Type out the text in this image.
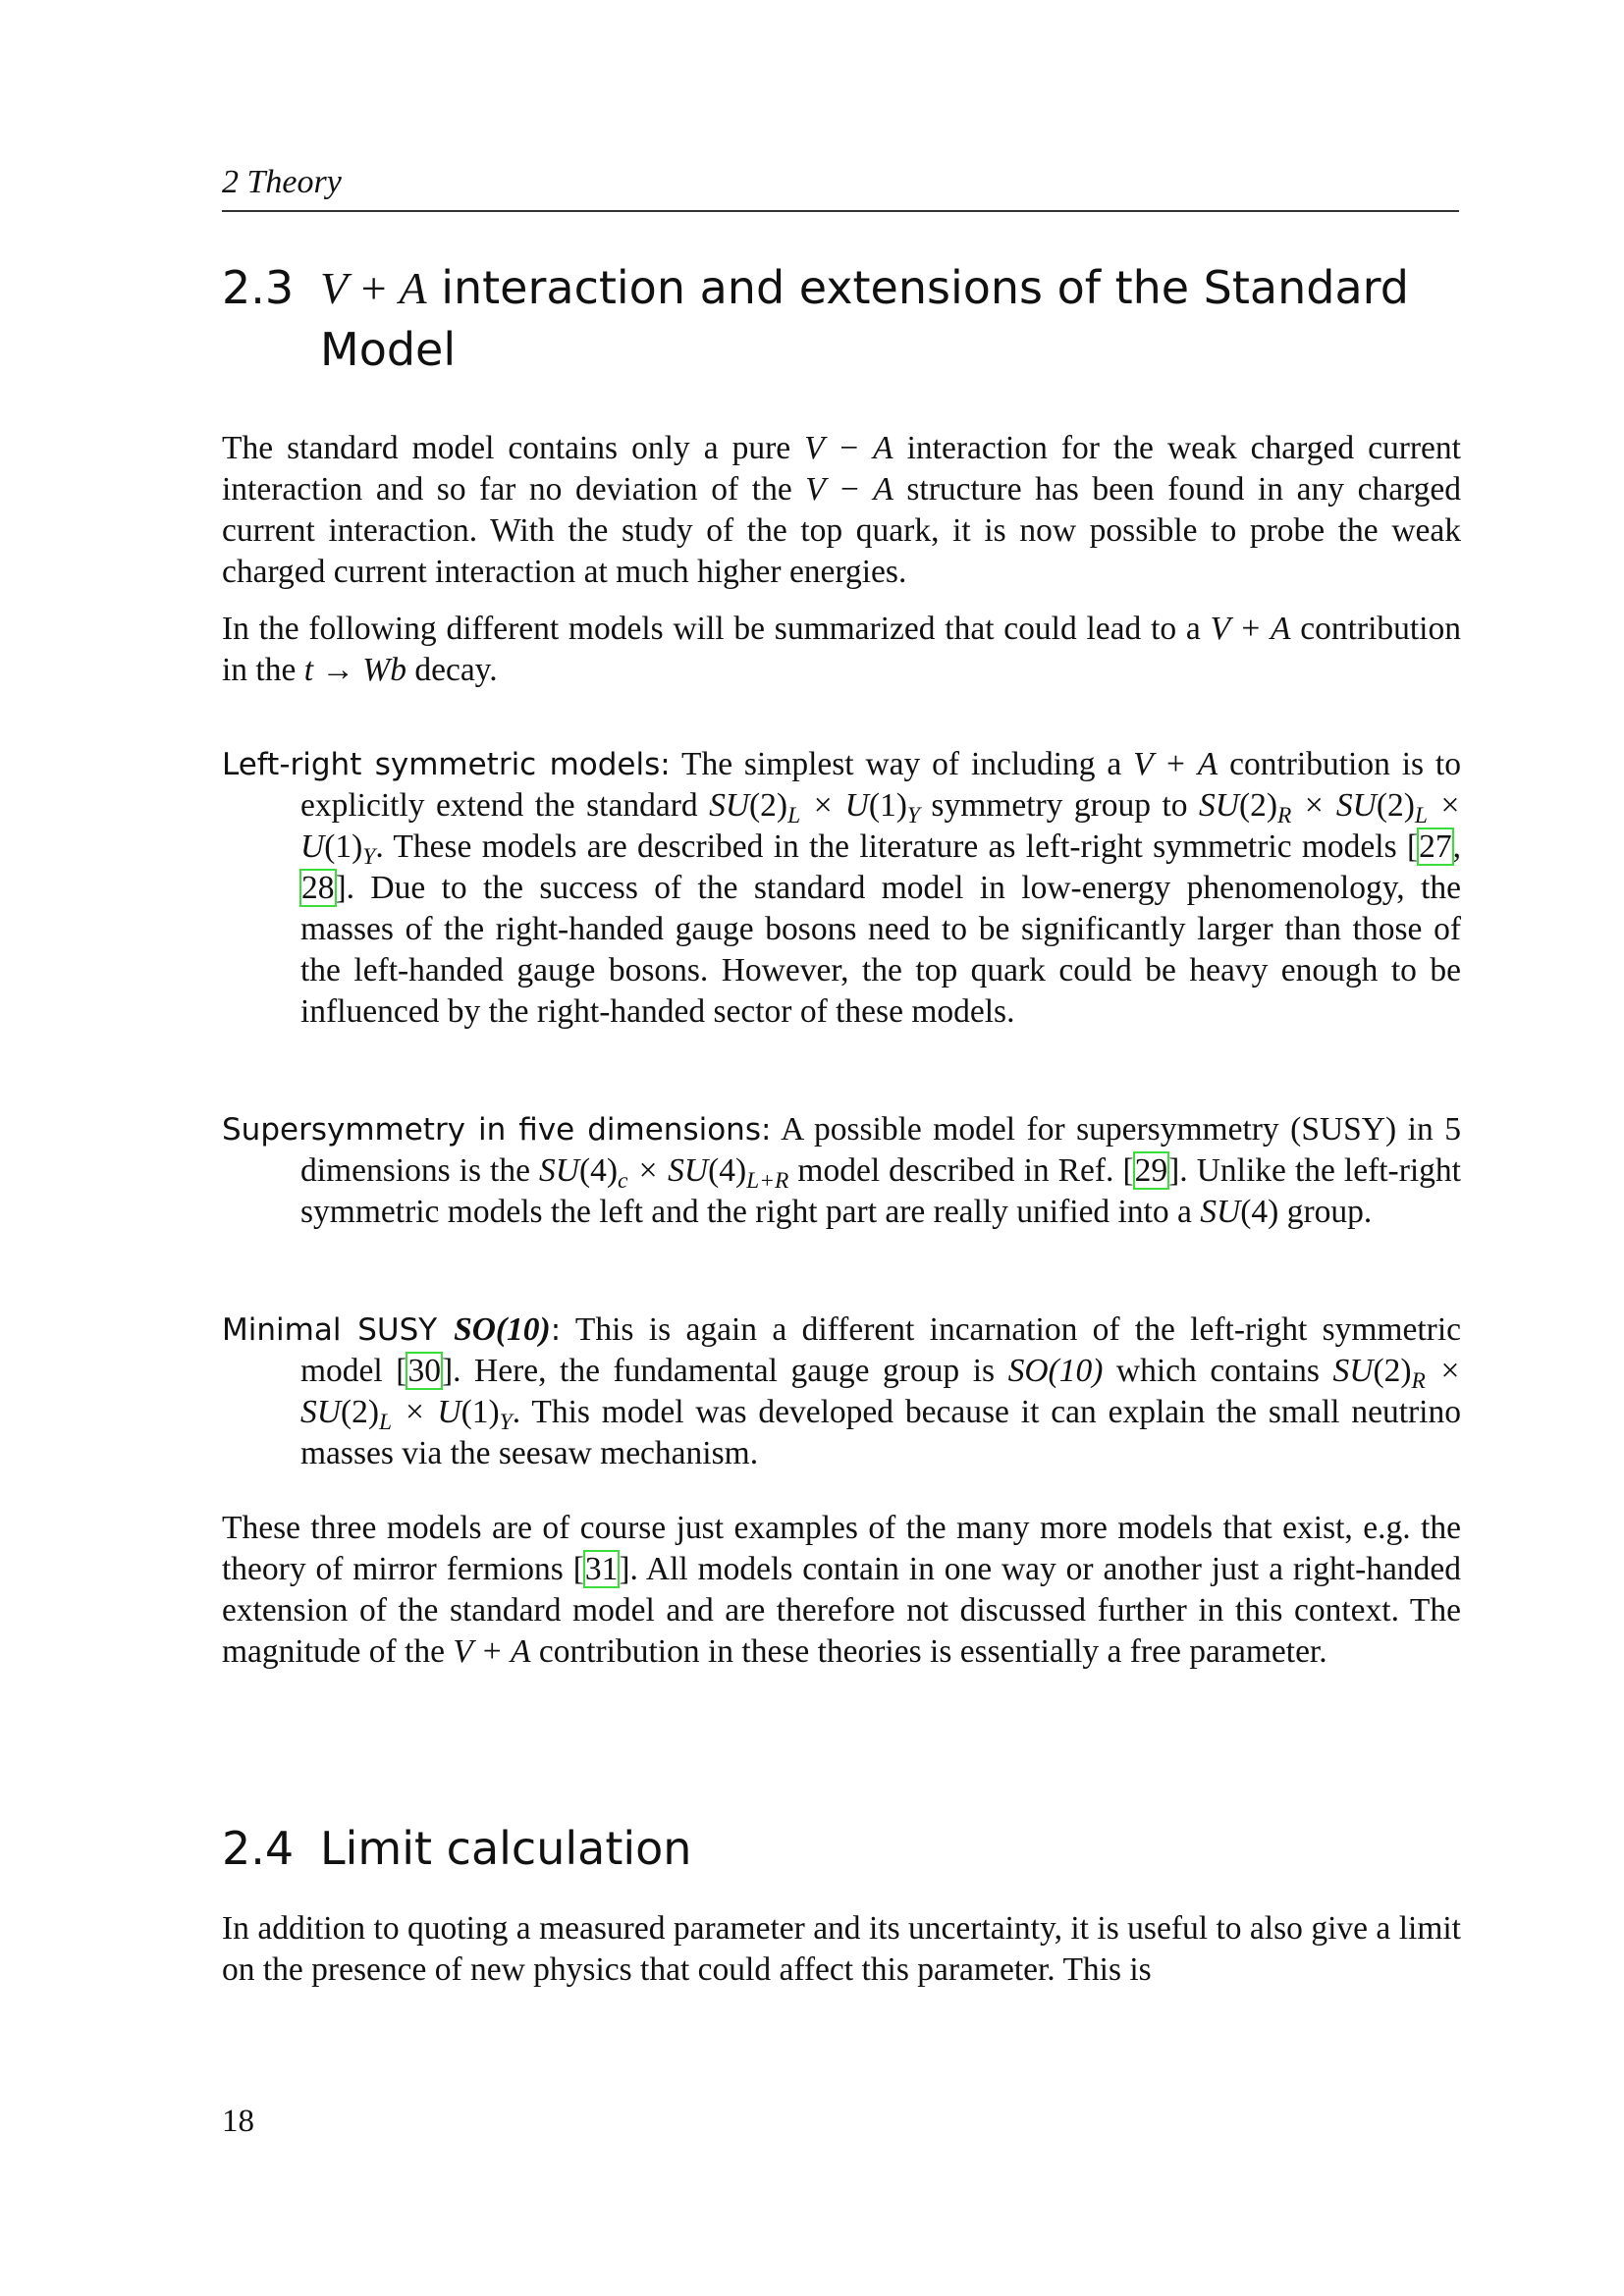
2 Theory
2.3 V + A interaction and extensions of the Standard Model

The standard model contains only a pure V − A interaction for the weak charged current interaction and so far no deviation of the V − A structure has been found in any charged current interaction. With the study of the top quark, it is now possible to probe the weak charged current interaction at much higher energies.

In the following different models will be summarized that could lead to a V + A contribution in the t → Wb decay.

Left-right symmetric models: The simplest way of including a V + A contribution is to explicitly extend the standard $SU(2)_L \times U(1)_Y$ symmetry group to $SU(2)_R \times SU(2)_L \times U(1)_Y$. These models are described in the literature as left-right symmetric models [27, 28]. Due to the success of the standard model in low-energy phenomenology, the masses of the right-handed gauge bosons need to be significantly larger than those of the left-handed gauge bosons. However, the top quark could be heavy enough to be influenced by the right-handed sector of these models.

Supersymmetry in five dimensions: A possible model for supersymmetry (SUSY) in 5 dimensions is the $SU(4)_c \times SU(4)_{L+R}$ model described in Ref. [29]. Unlike the left-right symmetric models the left and the right part are really unified into a SU(4) group.

Minimal SUSY SO(10): This is again a different incarnation of the left-right symmetric model [30]. Here, the fundamental gauge group is SO(10) which contains $SU(2)_R \times SU(2)_L \times U(1)_Y$. This model was developed because it can explain the small neutrino masses via the seesaw mechanism.

These three models are of course just examples of the many more models that exist, e.g. the theory of mirror fermions [31]. All models contain in one way or another just a right-handed extension of the standard model and are therefore not discussed further in this context. The magnitude of the V + A contribution in these theories is essentially a free parameter.

2.4 Limit calculation

In addition to quoting a measured parameter and its uncertainty, it is useful to also give a limit on the presence of new physics that could affect this parameter. This is

18
